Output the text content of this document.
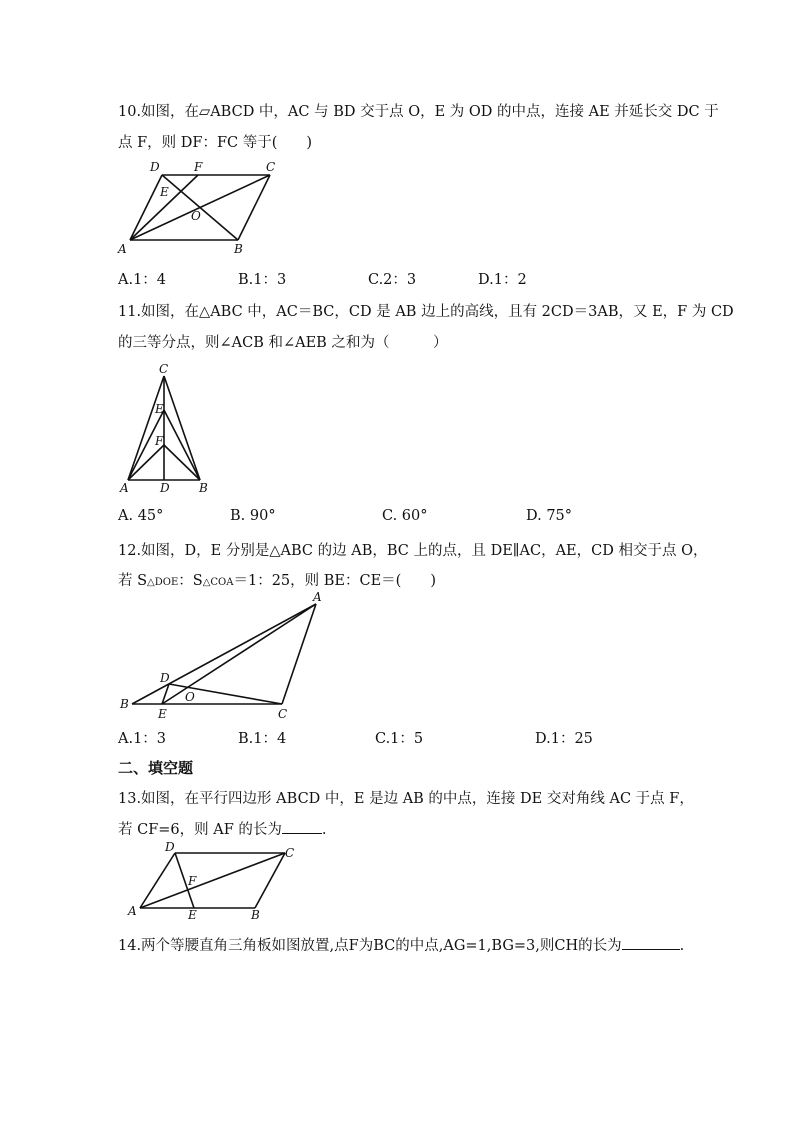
10.如图，在▱ABCD 中，AC 与 BD 交于点 O，E 为 OD 的中点，连接 AE 并延长交 DC 于
点 F，则 DF：FC 等于(　　)
A	B
C
D
E
F
O
A.1：4	B.1：3	C.2：3	D.1：2
11.如图，在△ABC 中，AC＝BC，CD 是 AB 边上的高线，且有 2CD＝3AB，又 E，F 为 CD
的三等分点，则∠ACB 和∠AEB 之和为（　　　）
C
E
F
A	D B
A. 45°	B. 90°	C. 60°	D. 75°
12.如图，D，E 分别是△ABC 的边 AB，BC 上的点，且 DE∥AC，AE，CD 相交于点 O，
若 S△DOE：S△COA＝1：25，则 BE：CE＝(　　)
A
B
C
D
E
O
A.1：3	B.1：4	C.1：5	D.1：25
二、填空题
13.如图，在平行四边形 ABCD 中，E 是边 AB 的中点，连接 DE 交对角线 AC 于点 F，
若 CF=6，则 AF 的长为	.
D	C
F
A	E	B
14.两个等腰直角三角板如图放置,点F为BC的中点,AG=1,BG=3,则CH的长为	.
